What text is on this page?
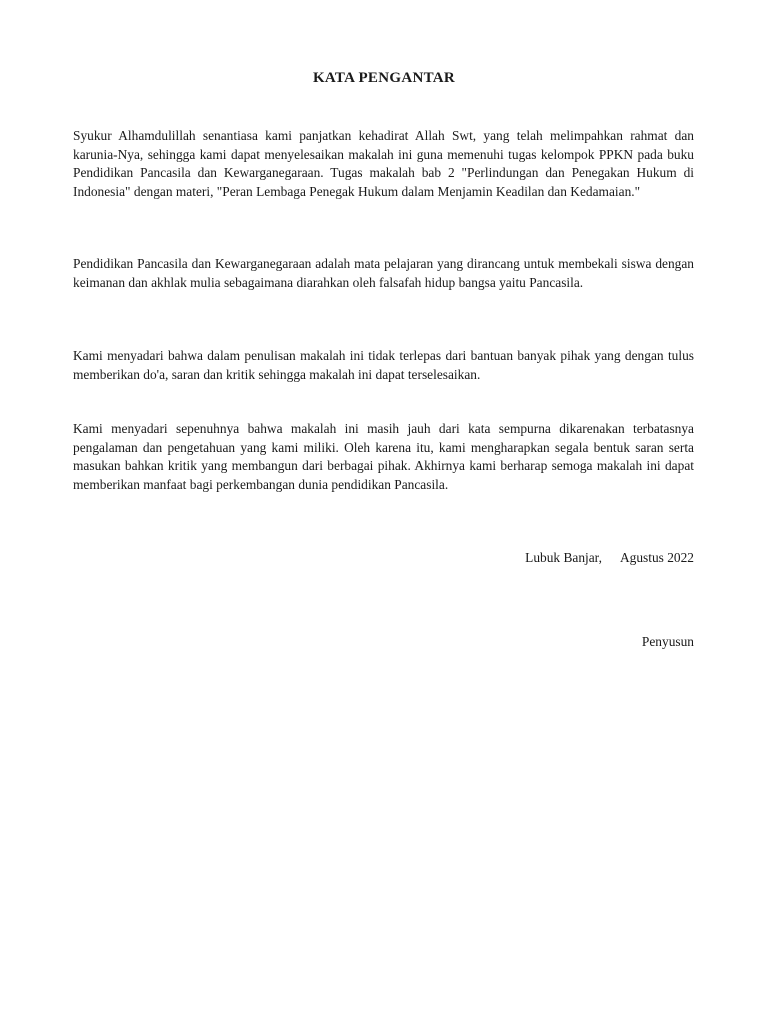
KATA PENGANTAR

Syukur Alhamdulillah senantiasa kami panjatkan kehadirat Allah Swt, yang telah melimpahkan rahmat dan karunia-Nya, sehingga kami dapat menyelesaikan makalah ini guna memenuhi tugas kelompok PPKN pada buku Pendidikan Pancasila dan Kewarganegaraan. Tugas makalah bab 2 "Perlindungan dan Penegakan Hukum di Indonesia" dengan materi, "Peran Lembaga Penegak Hukum dalam Menjamin Keadilan dan Kedamaian."

Pendidikan Pancasila dan Kewarganegaraan adalah mata pelajaran yang dirancang untuk membekali siswa dengan keimanan dan akhlak mulia sebagaimana diarahkan oleh falsafah hidup bangsa yaitu Pancasila.

Kami menyadari bahwa dalam penulisan makalah ini tidak terlepas dari bantuan banyak pihak yang dengan tulus memberikan do'a, saran dan kritik sehingga makalah ini dapat terselesaikan.

Kami menyadari sepenuhnya bahwa makalah ini masih jauh dari kata sempurna dikarenakan terbatasnya pengalaman dan pengetahuan yang kami miliki. Oleh karena itu, kami mengharapkan segala bentuk saran serta masukan bahkan kritik yang membangun dari berbagai pihak. Akhirnya kami berharap semoga makalah ini dapat memberikan manfaat bagi perkembangan dunia pendidikan Pancasila.

Lubuk Banjar, Agustus 2022

Penyusun
